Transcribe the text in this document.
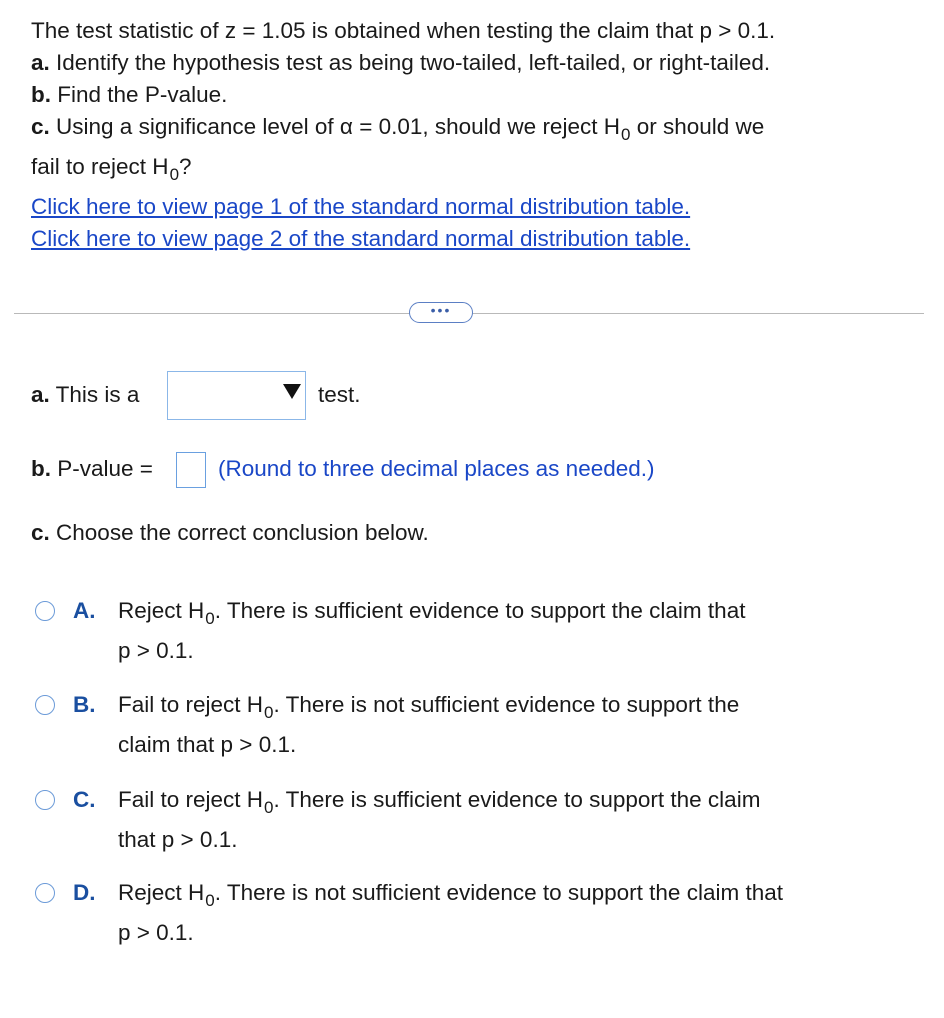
The test statistic of z = 1.05 is obtained when testing the claim that p > 0.1.
a. Identify the hypothesis test as being two-tailed, left-tailed, or right-tailed.
b. Find the P-value.
c. Using a significance level of α = 0.01, should we reject $H_0$ or should we
fail to reject $H_0$?
Click here to view page 1 of the standard normal distribution table.
Click here to view page 2 of the standard normal distribution table.
•••
a. This is a	test.
b. P-value =	(Round to three decimal places as needed.)
c. Choose the correct conclusion below.
A. Reject $H_0$. There is sufficient evidence to support the claim that
p > 0.1.
B. Fail to reject $H_0$. There is not sufficient evidence to support the
claim that p > 0.1.
C. Fail to reject $H_0$. There is sufficient evidence to support the claim
that p > 0.1.
D. Reject $H_0$. There is not sufficient evidence to support the claim that
p > 0.1.
